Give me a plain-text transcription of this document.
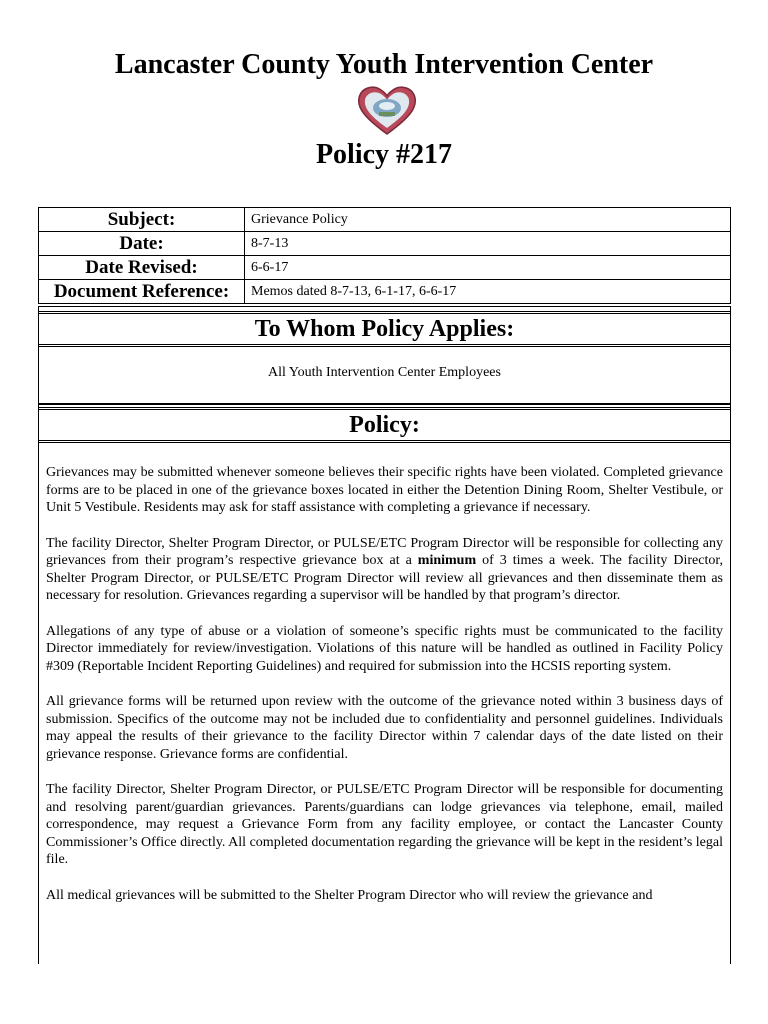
Lancaster County Youth Intervention Center
Policy #217
Subject:	Grievance Policy
Date:	8-7-13
Date Revised:	6-6-17
Document Reference:	Memos dated 8-7-13, 6-1-17, 6-6-17
To Whom Policy Applies:
All Youth Intervention Center Employees
Policy:

Grievances may be submitted whenever someone believes their specific rights have been violated. Completed grievance forms are to be placed in one of the grievance boxes located in either the Detention Dining Room, Shelter Vestibule, or Unit 5 Vestibule. Residents may ask for staff assistance with completing a grievance if necessary.

The facility Director, Shelter Program Director, or PULSE/ETC Program Director will be responsible for collecting any grievances from their program’s respective grievance box at a minimum of 3 times a week. The facility Director, Shelter Program Director, or PULSE/ETC Program Director will review all grievances and then disseminate them as necessary for resolution. Grievances regarding a supervisor will be handled by that program’s director.

Allegations of any type of abuse or a violation of someone’s specific rights must be communicated to the facility Director immediately for review/investigation. Violations of this nature will be handled as outlined in Facility Policy #309 (Reportable Incident Reporting Guidelines) and required for submission into the HCSIS reporting system.

All grievance forms will be returned upon review with the outcome of the grievance noted within 3 business days of submission. Specifics of the outcome may not be included due to confidentiality and personnel guidelines. Individuals may appeal the results of their grievance to the facility Director within 7 calendar days of the date listed on their grievance response. Grievance forms are confidential.

The facility Director, Shelter Program Director, or PULSE/ETC Program Director will be responsible for documenting and resolving parent/guardian grievances. Parents/guardians can lodge grievances via telephone, email, mailed correspondence, may request a Grievance Form from any facility employee, or contact the Lancaster County Commissioner’s Office directly. All completed documentation regarding the grievance will be kept in the resident’s legal file.

All medical grievances will be submitted to the Shelter Program Director who will review the grievance and
